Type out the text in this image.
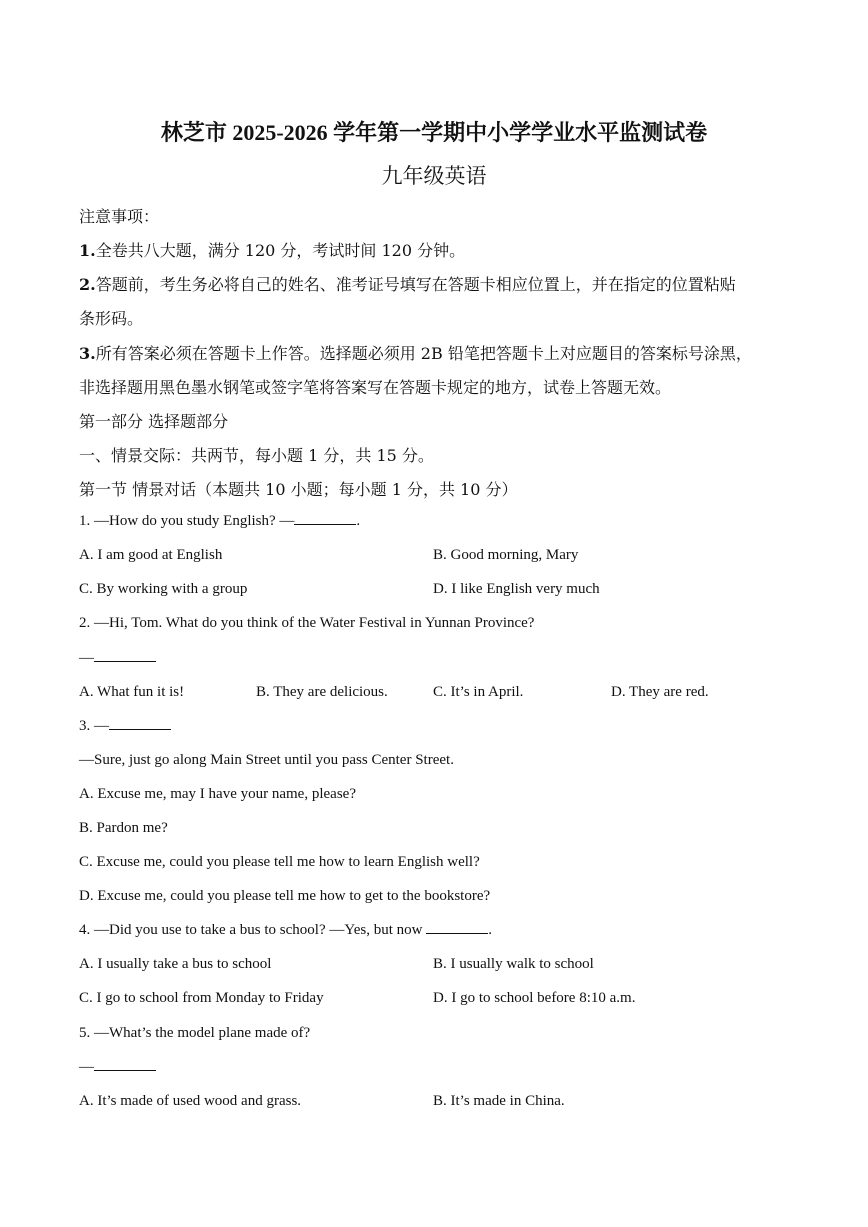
林芝市 2025-2026 学年第一学期中小学学业水平监测试卷
九年级英语
注意事项：
1.全卷共八大题，满分 120 分，考试时间 120 分钟。
2.答题前，考生务必将自己的姓名、准考证号填写在答题卡相应位置上，并在指定的位置粘贴
条形码。
3.所有答案必须在答题卡上作答。选择题必须用 2B 铅笔把答题卡上对应题目的答案标号涂黑，
非选择题用黑色墨水钢笔或签字笔将答案写在答题卡规定的地方，试卷上答题无效。
第一部分 选择题部分
一、情景交际：共两节，每小题 1 分，共 15 分。
第一节 情景对话（本题共 10 小题；每小题 1 分，共 10 分）
1. —How do you study English? —	.
A. I am good at English	B. Good morning, Mary
C. By working with a group	D. I like English very much
2. —Hi, Tom. What do you think of the Water Festival in Yunnan Province?
—
A. What fun it is!	B. They are delicious.	C. It’s in April.	D. They are red.
3. —
—Sure, just go along Main Street until you pass Center Street.
A. Excuse me, may I have your name, please?
B. Pardon me?
C. Excuse me, could you please tell me how to learn English well?
D. Excuse me, could you please tell me how to get to the bookstore?
4. —Did you use to take a bus to school? —Yes, but now	.
A. I usually take a bus to school	B. I usually walk to school
C. I go to school from Monday to Friday	D. I go to school before 8:10 a.m.
5. —What’s the model plane made of?
—
A. It’s made of used wood and grass.	B. It’s made in China.
